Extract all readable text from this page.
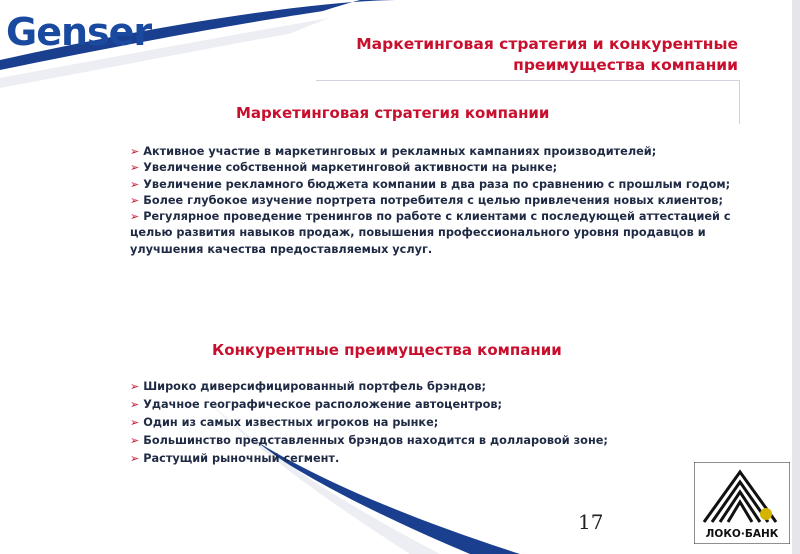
Genser	Маркетинговая стратегия и конкурентные преимущества компании
Маркетинговая стратегия компании
➢ Активное участие в маркетинговых и рекламных кампаниях производителей;
➢ Увеличение собственной маркетинговой активности на рынке;
➢ Увеличение рекламного бюджета компании в два раза по сравнению с прошлым годом;
➢ Более глубокое изучение портрета потребителя с целью привлечения новых клиентов;
➢ Регулярное проведение тренингов по работе с клиентами с последующей аттестацией с целью развития навыков продаж, повышения профессионального уровня продавцов и улучшения качества предоставляемых услуг.
Конкурентные преимущества компании
➢ Широко диверсифицированный портфель брэндов;
➢ Удачное географическое расположение автоцентров;
➢ Один из самых известных игроков на рынке;
➢ Большинство представленных брэндов находится в долларовой зоне;
➢ Растущий рыночный сегмент.
17	ЛОКО·БАНК
